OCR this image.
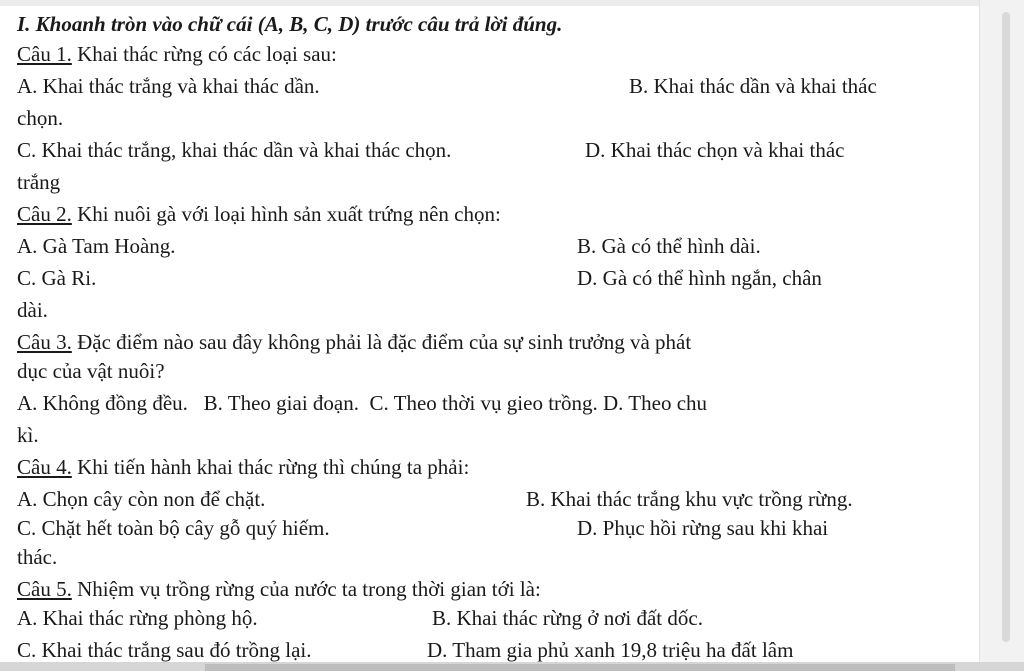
I. Khoanh tròn vào chữ cái (A, B, C, D) trước câu trả lời đúng.
Câu 1. Khai thác rừng có các loại sau:
A. Khai thác trắng và khai thác dần.	B. Khai thác dần và khai thác
chọn.
C. Khai thác trắng, khai thác dần và khai thác chọn.	D. Khai thác chọn và khai thác
trắng
Câu 2. Khi nuôi gà với loại hình sản xuất trứng nên chọn:
A. Gà Tam Hoàng.	B. Gà có thể hình dài.
C. Gà Ri.	D. Gà có thể hình ngắn, chân
dài.
Câu 3. Đặc điểm nào sau đây không phải là đặc điểm của sự sinh trưởng và phát
dục của vật nuôi?
A. Không đồng đều.   B. Theo giai đoạn.  C. Theo thời vụ gieo trồng. D. Theo chu
kì.
Câu 4. Khi tiến hành khai thác rừng thì chúng ta phải:
A. Chọn cây còn non để chặt.	B. Khai thác trắng khu vực trồng rừng.
C. Chặt hết toàn bộ cây gỗ quý hiếm.	D. Phục hồi rừng sau khi khai
thác.
Câu 5. Nhiệm vụ trồng rừng của nước ta trong thời gian tới là:
A. Khai thác rừng phòng hộ.	B. Khai thác rừng ở nơi đất dốc.
C. Khai thác trắng sau đó trồng lại.	D. Tham gia phủ xanh 19,8 triệu ha đất lâm
